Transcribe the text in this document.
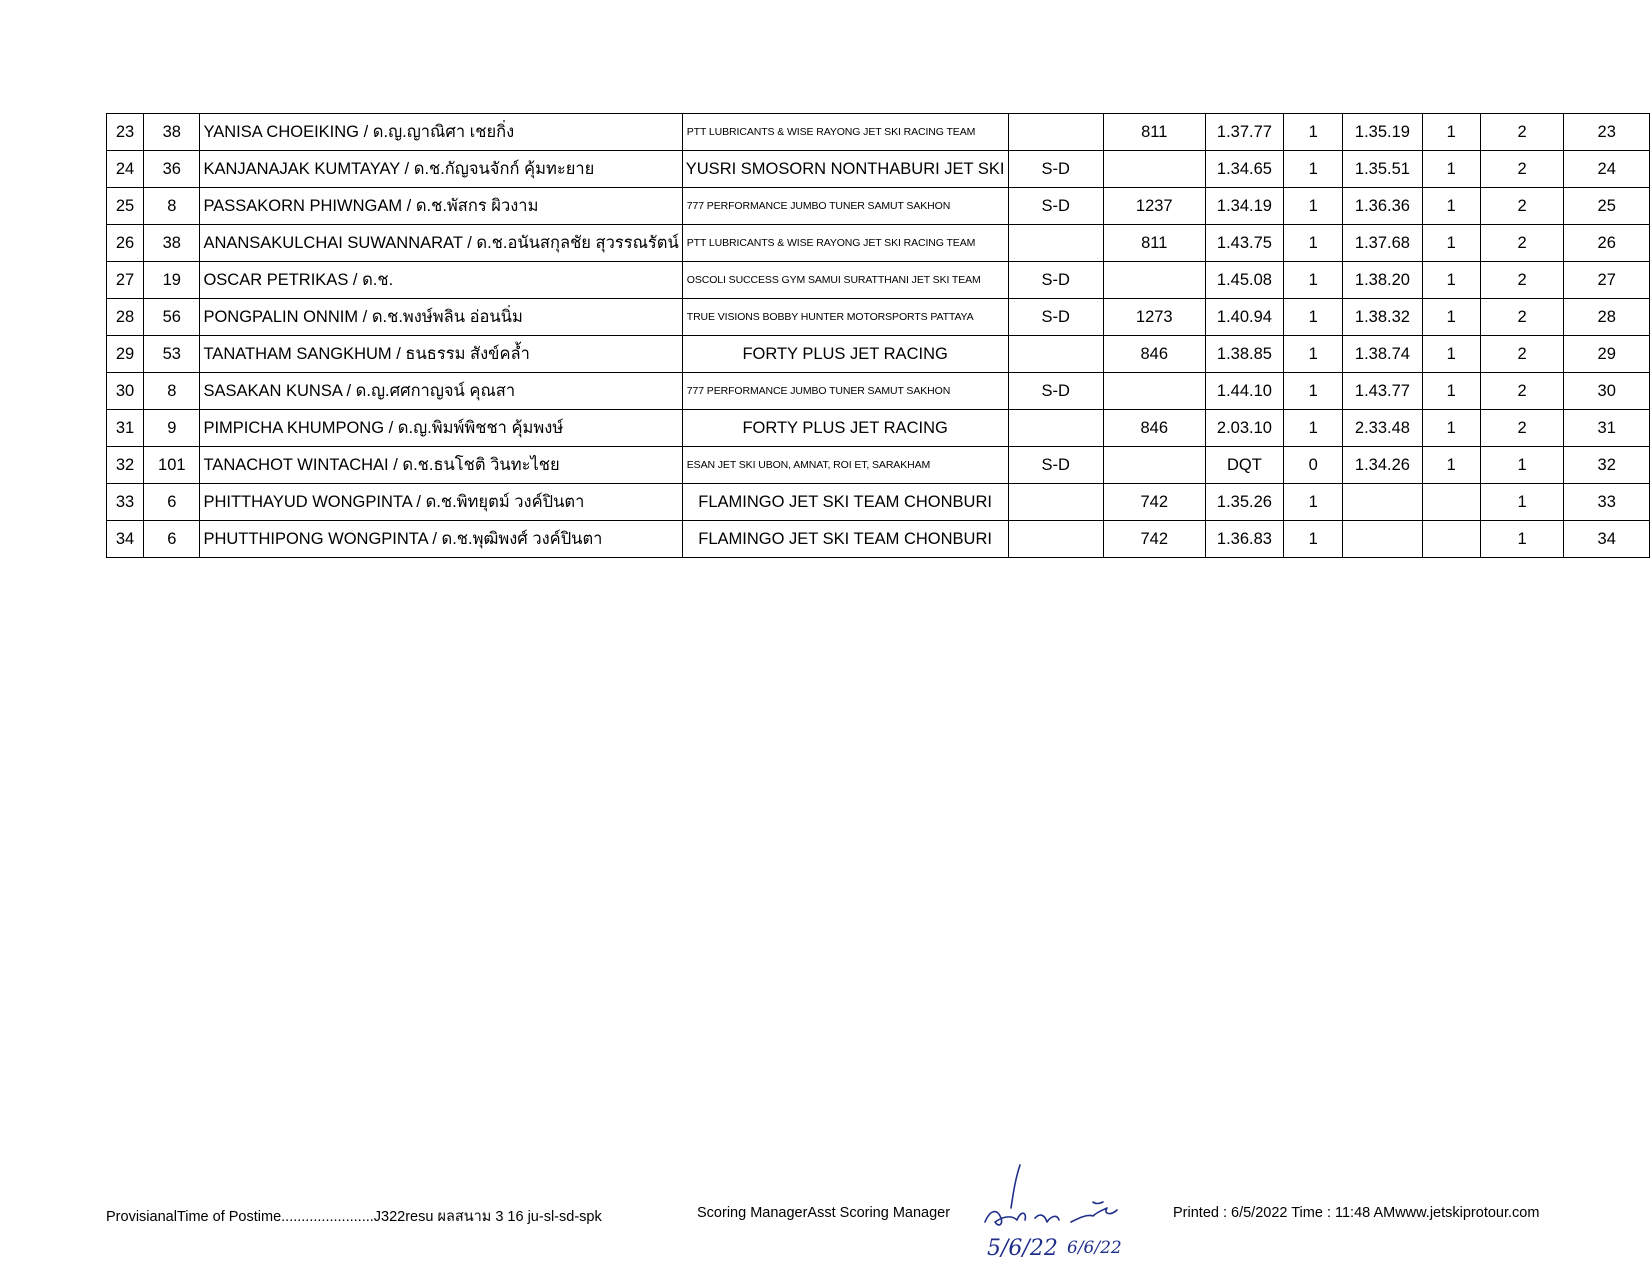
23	38	YANISA CHOEIKING / ด.ญ.ญาณิศา เชยกิ่ง	PTT LUBRICANTS & WISE RAYONG JET SKI RACING TEAM		811	1.37.77	1	1.35.19	1	2	23
24	36	KANJANAJAK KUMTAYAY / ด.ช.กัญจนจักก์ คุ้มทะยาย	YUSRI SMOSORN NONTHABURI JET SKI	S-D		1.34.65	1	1.35.51	1	2	24
25	8	PASSAKORN PHIWNGAM / ด.ช.พัสกร ผิวงาม	777 PERFORMANCE JUMBO TUNER SAMUT SAKHON	S-D	1237	1.34.19	1	1.36.36	1	2	25
26	38	ANANSAKULCHAI SUWANNARAT / ด.ช.อนันสกุลชัย สุวรรณรัตน์	PTT LUBRICANTS & WISE RAYONG JET SKI RACING TEAM		811	1.43.75	1	1.37.68	1	2	26
27	19	OSCAR PETRIKAS / ด.ช.	OSCOLI SUCCESS GYM SAMUI SURATTHANI JET SKI TEAM	S-D		1.45.08	1	1.38.20	1	2	27
28	56	PONGPALIN ONNIM / ด.ช.พงษ์พลิน อ่อนนิ่ม	TRUE VISIONS BOBBY HUNTER MOTORSPORTS PATTAYA	S-D	1273	1.40.94	1	1.38.32	1	2	28
29	53	TANATHAM SANGKHUM / ธนธรรม สังข์คล้ำ	FORTY PLUS JET RACING		846	1.38.85	1	1.38.74	1	2	29
30	8	SASAKAN KUNSA / ด.ญ.ศศกาญจน์ คุณสา	777 PERFORMANCE JUMBO TUNER SAMUT SAKHON	S-D		1.44.10	1	1.43.77	1	2	30
31	9	PIMPICHA KHUMPONG / ด.ญ.พิมพ์พิชชา คุ้มพงษ์	FORTY PLUS JET RACING		846	2.03.10	1	2.33.48	1	2	31
32	101	TANACHOT WINTACHAI / ด.ช.ธนโชติ วินทะไชย	ESAN JET SKI UBON, AMNAT, ROI ET, SARAKHAM	S-D		DQT	0	1.34.26	1	1	32
33	6	PHITTHAYUD WONGPINTA / ด.ช.พิทยุตม์ วงค์ปินตา	FLAMINGO JET SKI TEAM CHONBURI		742	1.35.26	1			1	33
34	6	PHUTTHIPONG WONGPINTA / ด.ช.พุฒิพงศ์ วงค์ปินตา	FLAMINGO JET SKI TEAM CHONBURI		742	1.36.83	1			1	34
ProvisianalTime of Postime.......................J322resu ผลสนาม 3 16 ju-sl-sd-spk	Scoring ManagerAsst Scoring Manager	Printed : 6/5/2022 Time : 11:48 AMwww.jetskiprotour.com
5/6/22 6/6/22
